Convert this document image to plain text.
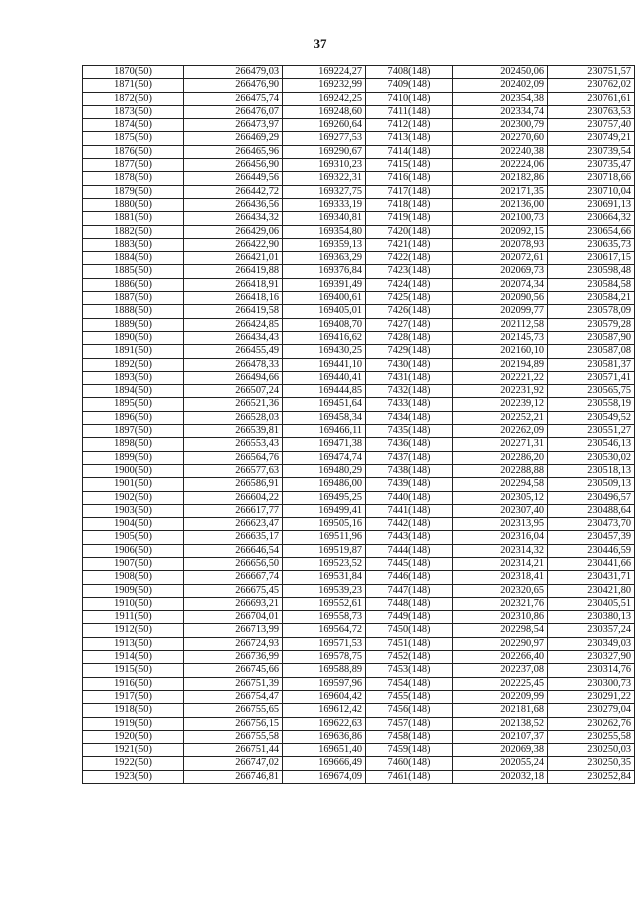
37
1870(50)	266479,03	169224,27	7408(148)	202450,06	230751,57
1871(50)	266476,90	169232,99	7409(148)	202402,09	230762,02
1872(50)	266475,74	169242,25	7410(148)	202354,38	230761,61
1873(50)	266476,07	169248,60	7411(148)	202334,74	230763,53
1874(50)	266473,97	169260,64	7412(148)	202300,79	230757,40
1875(50)	266469,29	169277,53	7413(148)	202270,60	230749,21
1876(50)	266465,96	169290,67	7414(148)	202240,38	230739,54
1877(50)	266456,90	169310,23	7415(148)	202224,06	230735,47
1878(50)	266449,56	169322,31	7416(148)	202182,86	230718,66
1879(50)	266442,72	169327,75	7417(148)	202171,35	230710,04
1880(50)	266436,56	169333,19	7418(148)	202136,00	230691,13
1881(50)	266434,32	169340,81	7419(148)	202100,73	230664,32
1882(50)	266429,06	169354,80	7420(148)	202092,15	230654,66
1883(50)	266422,90	169359,13	7421(148)	202078,93	230635,73
1884(50)	266421,01	169363,29	7422(148)	202072,61	230617,15
1885(50)	266419,88	169376,84	7423(148)	202069,73	230598,48
1886(50)	266418,91	169391,49	7424(148)	202074,34	230584,58
1887(50)	266418,16	169400,61	7425(148)	202090,56	230584,21
1888(50)	266419,58	169405,01	7426(148)	202099,77	230578,09
1889(50)	266424,85	169408,70	7427(148)	202112,58	230579,28
1890(50)	266434,43	169416,62	7428(148)	202145,73	230587,90
1891(50)	266455,49	169430,25	7429(148)	202160,10	230587,08
1892(50)	266478,33	169441,10	7430(148)	202194,89	230581,37
1893(50)	266494,66	169440,41	7431(148)	202221,22	230571,41
1894(50)	266507,24	169444,85	7432(148)	202231,92	230565,75
1895(50)	266521,36	169451,64	7433(148)	202239,12	230558,19
1896(50)	266528,03	169458,34	7434(148)	202252,21	230549,52
1897(50)	266539,81	169466,11	7435(148)	202262,09	230551,27
1898(50)	266553,43	169471,38	7436(148)	202271,31	230546,13
1899(50)	266564,76	169474,74	7437(148)	202286,20	230530,02
1900(50)	266577,63	169480,29	7438(148)	202288,88	230518,13
1901(50)	266586,91	169486,00	7439(148)	202294,58	230509,13
1902(50)	266604,22	169495,25	7440(148)	202305,12	230496,57
1903(50)	266617,77	169499,41	7441(148)	202307,40	230488,64
1904(50)	266623,47	169505,16	7442(148)	202313,95	230473,70
1905(50)	266635,17	169511,96	7443(148)	202316,04	230457,39
1906(50)	266646,54	169519,87	7444(148)	202314,32	230446,59
1907(50)	266656,50	169523,52	7445(148)	202314,21	230441,66
1908(50)	266667,74	169531,84	7446(148)	202318,41	230431,71
1909(50)	266675,45	169539,23	7447(148)	202320,65	230421,80
1910(50)	266693,21	169552,61	7448(148)	202321,76	230405,51
1911(50)	266704,01	169558,73	7449(148)	202310,86	230380,13
1912(50)	266713,99	169564,72	7450(148)	202298,54	230357,24
1913(50)	266724,93	169571,53	7451(148)	202290,97	230349,03
1914(50)	266736,99	169578,75	7452(148)	202266,40	230327,90
1915(50)	266745,66	169588,89	7453(148)	202237,08	230314,76
1916(50)	266751,39	169597,96	7454(148)	202225,45	230300,73
1917(50)	266754,47	169604,42	7455(148)	202209,99	230291,22
1918(50)	266755,65	169612,42	7456(148)	202181,68	230279,04
1919(50)	266756,15	169622,63	7457(148)	202138,52	230262,76
1920(50)	266755,58	169636,86	7458(148)	202107,37	230255,58
1921(50)	266751,44	169651,40	7459(148)	202069,38	230250,03
1922(50)	266747,02	169666,49	7460(148)	202055,24	230250,35
1923(50)	266746,81	169674,09	7461(148)	202032,18	230252,84
